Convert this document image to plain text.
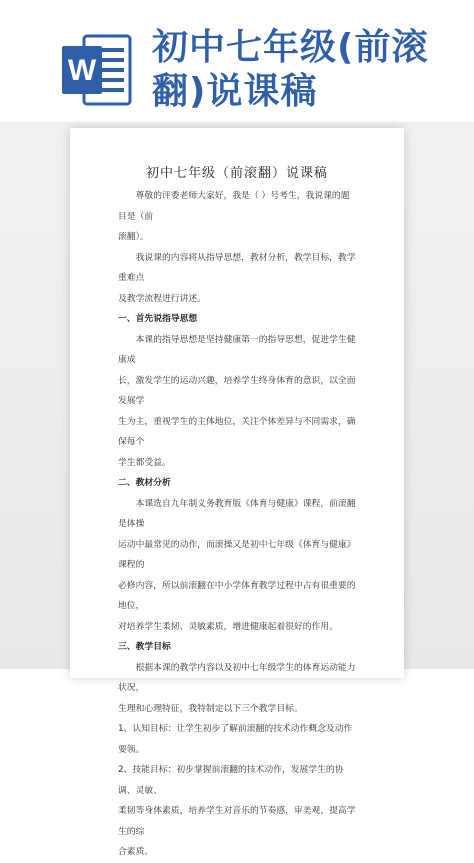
W
初中七年级(前滚
翻)说课稿
初中七年级（前滚翻）说课稿

尊敬的评委老师大家好，我是（ ）号考生，我说课的题目是（前

滚翻）。

我说课的内容将从指导思想，教材分析，教学目标，教学重难点

及教学流程进行讲述。

一、首先说指导思想

本课的指导思想是坚持健康第一的指导思想，促进学生健康成

长，激发学生的运动兴趣，培养学生终身体育的意识，以全面发展学

生为主，重视学生的主体地位，关注个体差异与不同需求，确保每个

学生都受益。

二、教材分析

本课选自九年制义务教育版《体育与健康》课程，前滚翻是体操

运动中最常见的动作，而滚操又是初中七年级《体育与健康》课程的

必修内容，所以前滚翻在中小学体育教学过程中占有很重要的地位，

对培养学生柔韧、灵敏素质，增进健康起着很好的作用。

三、教学目标

根据本课的教学内容以及初中七年级学生的体育运动能力状况，

生理和心理特征，我特制定以下三个教学目标。

1、认知目标：让学生初步了解前滚翻的技术动作概念及动作要领。

2、技能目标：初步掌握前滚翻的技术动作，发展学生的协调、灵敏、

柔韧等身体素质，培养学生对音乐的节奏感，审美观，提高学生的综

合素质。
